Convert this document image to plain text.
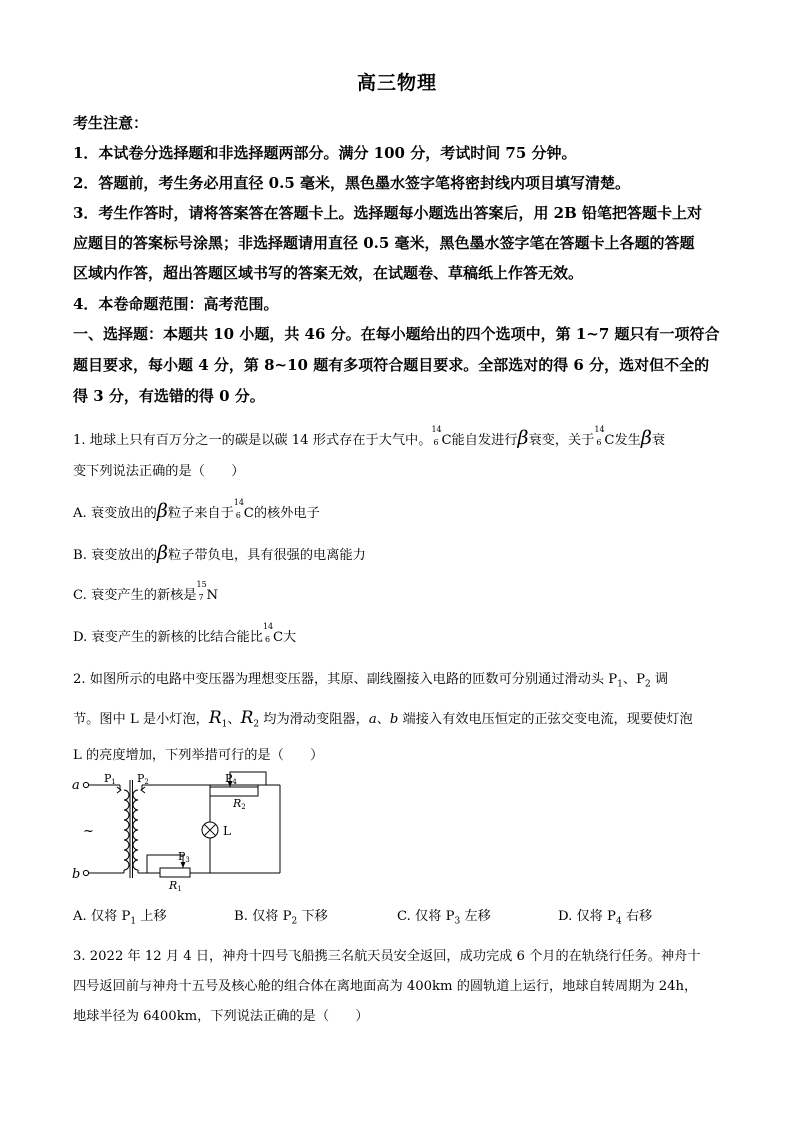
高三物理
考生注意：
1．本试卷分选择题和非选择题两部分。满分 100 分，考试时间 75 分钟。
2．答题前，考生务必用直径 0.5 毫米，黑色墨水签字笔将密封线内项目填写清楚。
3．考生作答时，请将答案答在答题卡上。选择题每小题选出答案后，用 2B 铅笔把答题卡上对
应题目的答案标号涂黑；非选择题请用直径 0.5 毫米，黑色墨水签字笔在答题卡上各题的答题
区域内作答，超出答题区域书写的答案无效，在试题卷、草稿纸上作答无效。
4．本卷命题范围：高考范围。
一、选择题：本题共 10 小题，共 46 分。在每小题给出的四个选项中，第 1~7 题只有一项符合
题目要求，每小题 4 分，第 8~10 题有多项符合题目要求。全部选对的得 6 分，选对但不全的
得 3 分，有选错的得 0 分。
1. 地球上只有百万分之一的碳是以碳 14 形式存在于大气中。
14
6 C能自发进行β衰变，关于
14
6 C发生β衰
变下列说法正确的是（　　）
A. 衰变放出的β粒子来自于
14
6 C的核外电子
B. 衰变放出的β粒子带负电，具有很强的电离能力
C. 衰变产生的新核是
15
7 N
D. 衰变产生的新核的比结合能比
14
6 C大
2. 如图所示的电路中变压器为理想变压器，其原、副线圈接入电路的匝数可分别通过滑动头 $P_1$、$P_2$ 调
节。图中 L 是小灯泡，$R_1$、$R_2$ 均为滑动变阻器，a、b 端接入有效电压恒定的正弦交变电流，现要使灯泡
L 的亮度增加，下列举措可行的是（　　）
a
b
~
P1 P2	P4
R2
L
P3
R1
A. 仅将 $P_1$ 上移	B. 仅将 $P_2$ 下移	C. 仅将 $P_3$ 左移	D. 仅将 $P_4$ 右移
3. 2022 年 12 月 4 日，神舟十四号飞船携三名航天员安全返回，成功完成 6 个月的在轨绕行任务。神舟十
四号返回前与神舟十五号及核心舱的组合体在离地面高为 400km 的圆轨道上运行，地球自转周期为 24h，
地球半径为 6400km，下列说法正确的是（　　）
